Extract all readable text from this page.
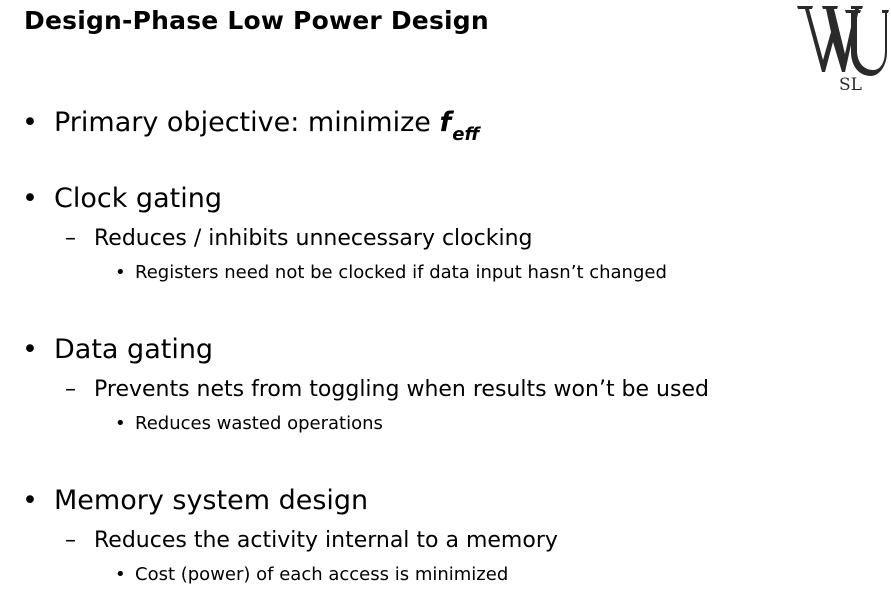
Design-Phase Low Power Design
SL
• Primary objective: minimize $f_{eff}$
• Clock gating
– Reduces / inhibits unnecessary clocking
• Registers need not be clocked if data input hasn’t changed
• Data gating
– Prevents nets from toggling when results won’t be used
• Reduces wasted operations
• Memory system design
– Reduces the activity internal to a memory
• Cost (power) of each access is minimized
